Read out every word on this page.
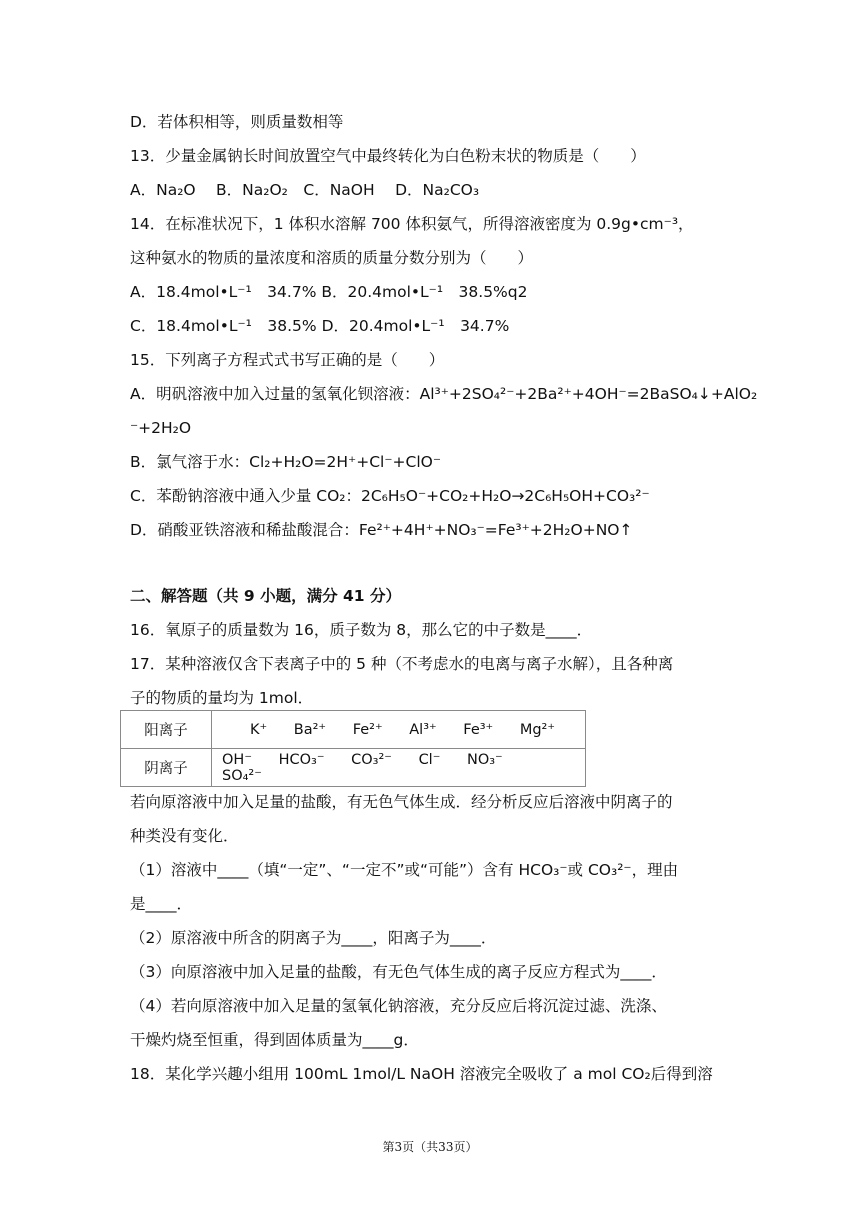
D．若体积相等，则质量数相等
13．少量金属钠长时间放置空气中最终转化为白色粉末状的物质是（　　）
A．Na₂O　 B．Na₂O₂　C．NaOH　 D．Na₂CO₃
14．在标准状况下，1 体积水溶解 700 体积氨气，所得溶液密度为 0.9g•cm⁻³，
这种氨水的物质的量浓度和溶质的质量分数分别为（　　）
A．18.4mol•L⁻¹　34.7% B．20.4mol•L⁻¹　38.5%q2
C．18.4mol•L⁻¹　38.5% D．20.4mol•L⁻¹　34.7%
15．下列离子方程式式书写正确的是（　　）
A．明矾溶液中加入过量的氢氧化钡溶液：Al³⁺+2SO₄²⁻+2Ba²⁺+4OH⁻=2BaSO₄↓+AlO₂
⁻+2H₂O
B．氯气溶于水：Cl₂+H₂O=2H⁺+Cl⁻+ClO⁻
C．苯酚钠溶液中通入少量 CO₂：2C₆H₅O⁻+CO₂+H₂O→2C₆H₅OH+CO₃²⁻
D．硝酸亚铁溶液和稀盐酸混合：Fe²⁺+4H⁺+NO₃⁻=Fe³⁺+2H₂O+NO↑
二、解答题（共 9 小题，满分 41 分）
16．氧原子的质量数为 16，质子数为 8，那么它的中子数是____．
17．某种溶液仅含下表离子中的 5 种（不考虑水的电离与离子水解），且各种离
子的物质的量均为 1mol．
阳离子	K⁺ Ba²⁺ Fe²⁺ Al³⁺ Fe³⁺ Mg²⁺
阴离子	OH⁻ HCO₃⁻ CO₃²⁻ Cl⁻ NO₃⁻ SO₄²⁻
若向原溶液中加入足量的盐酸，有无色气体生成．经分析反应后溶液中阴离子的
种类没有变化．
（1）溶液中____（填“一定”、“一定不”或“可能”）含有 HCO₃⁻或 CO₃²⁻，理由
是____．
（2）原溶液中所含的阴离子为____，阳离子为____．
（3）向原溶液中加入足量的盐酸，有无色气体生成的离子反应方程式为____．
（4）若向原溶液中加入足量的氢氧化钠溶液，充分反应后将沉淀过滤、洗涤、
干燥灼烧至恒重，得到固体质量为____g．
18．某化学兴趣小组用 100mL 1mol/L NaOH 溶液完全吸收了 a mol CO₂后得到溶
第3页（共33页）
